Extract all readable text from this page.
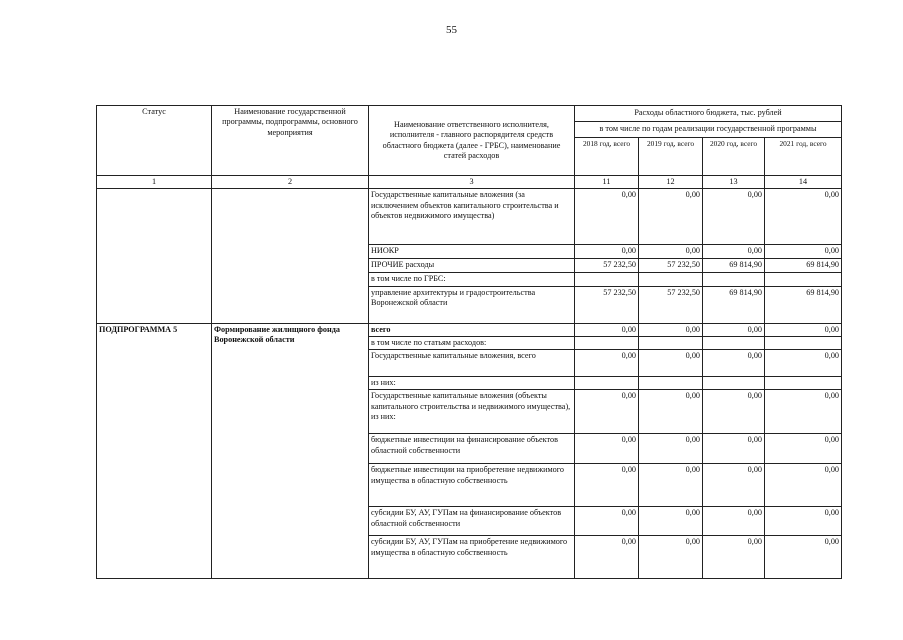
55
Статус	Наименование государственной программы, подпрограммы, основного мероприятия	Наименование ответственного исполнителя, исполнителя - главного распорядителя средств областного бюджета (далее - ГРБС), наименование статей расходов	Расходы областного бюджета, тыс. рублей			
			в том числе по годам реализации государственной программы			
			2018 год, всего	2019 год, всего	2020 год, всего	2021 год, всего
1	2	3	11	12	13	14
		Государственные капитальные вложения (за исключением объектов капитального строительства и объектов недвижимого имущества)	0,00	0,00	0,00	0,00
		НИОКР	0,00	0,00	0,00	0,00
		ПРОЧИЕ расходы	57 232,50	57 232,50	69 814,90	69 814,90
		в том числе по ГРБС:				
		управление архитектуры и градостроительства Воронежской области	57 232,50	57 232,50	69 814,90	69 814,90
ПОДПРОГРАММА 5	Формирование жилищного фонда Воронежской области	всего	0,00	0,00	0,00	0,00
		в том числе по статьям расходов:				
		Государственные капитальные вложения, всего	0,00	0,00	0,00	0,00
		из них:				
		Государственные капитальные вложения (объекты капитального строительства и недвижимого имущества), из них:	0,00	0,00	0,00	0,00
		бюджетные инвестиции на финансирование объектов областной собственности	0,00	0,00	0,00	0,00
		бюджетные инвестиции на приобретение недвижимого имущества в областную собственность	0,00	0,00	0,00	0,00
		субсидии БУ, АУ, ГУПам на финансирование объектов областной собственности	0,00	0,00	0,00	0,00
		субсидии БУ, АУ, ГУПам на приобретение недвижимого имущества в областную собственность	0,00	0,00	0,00	0,00
